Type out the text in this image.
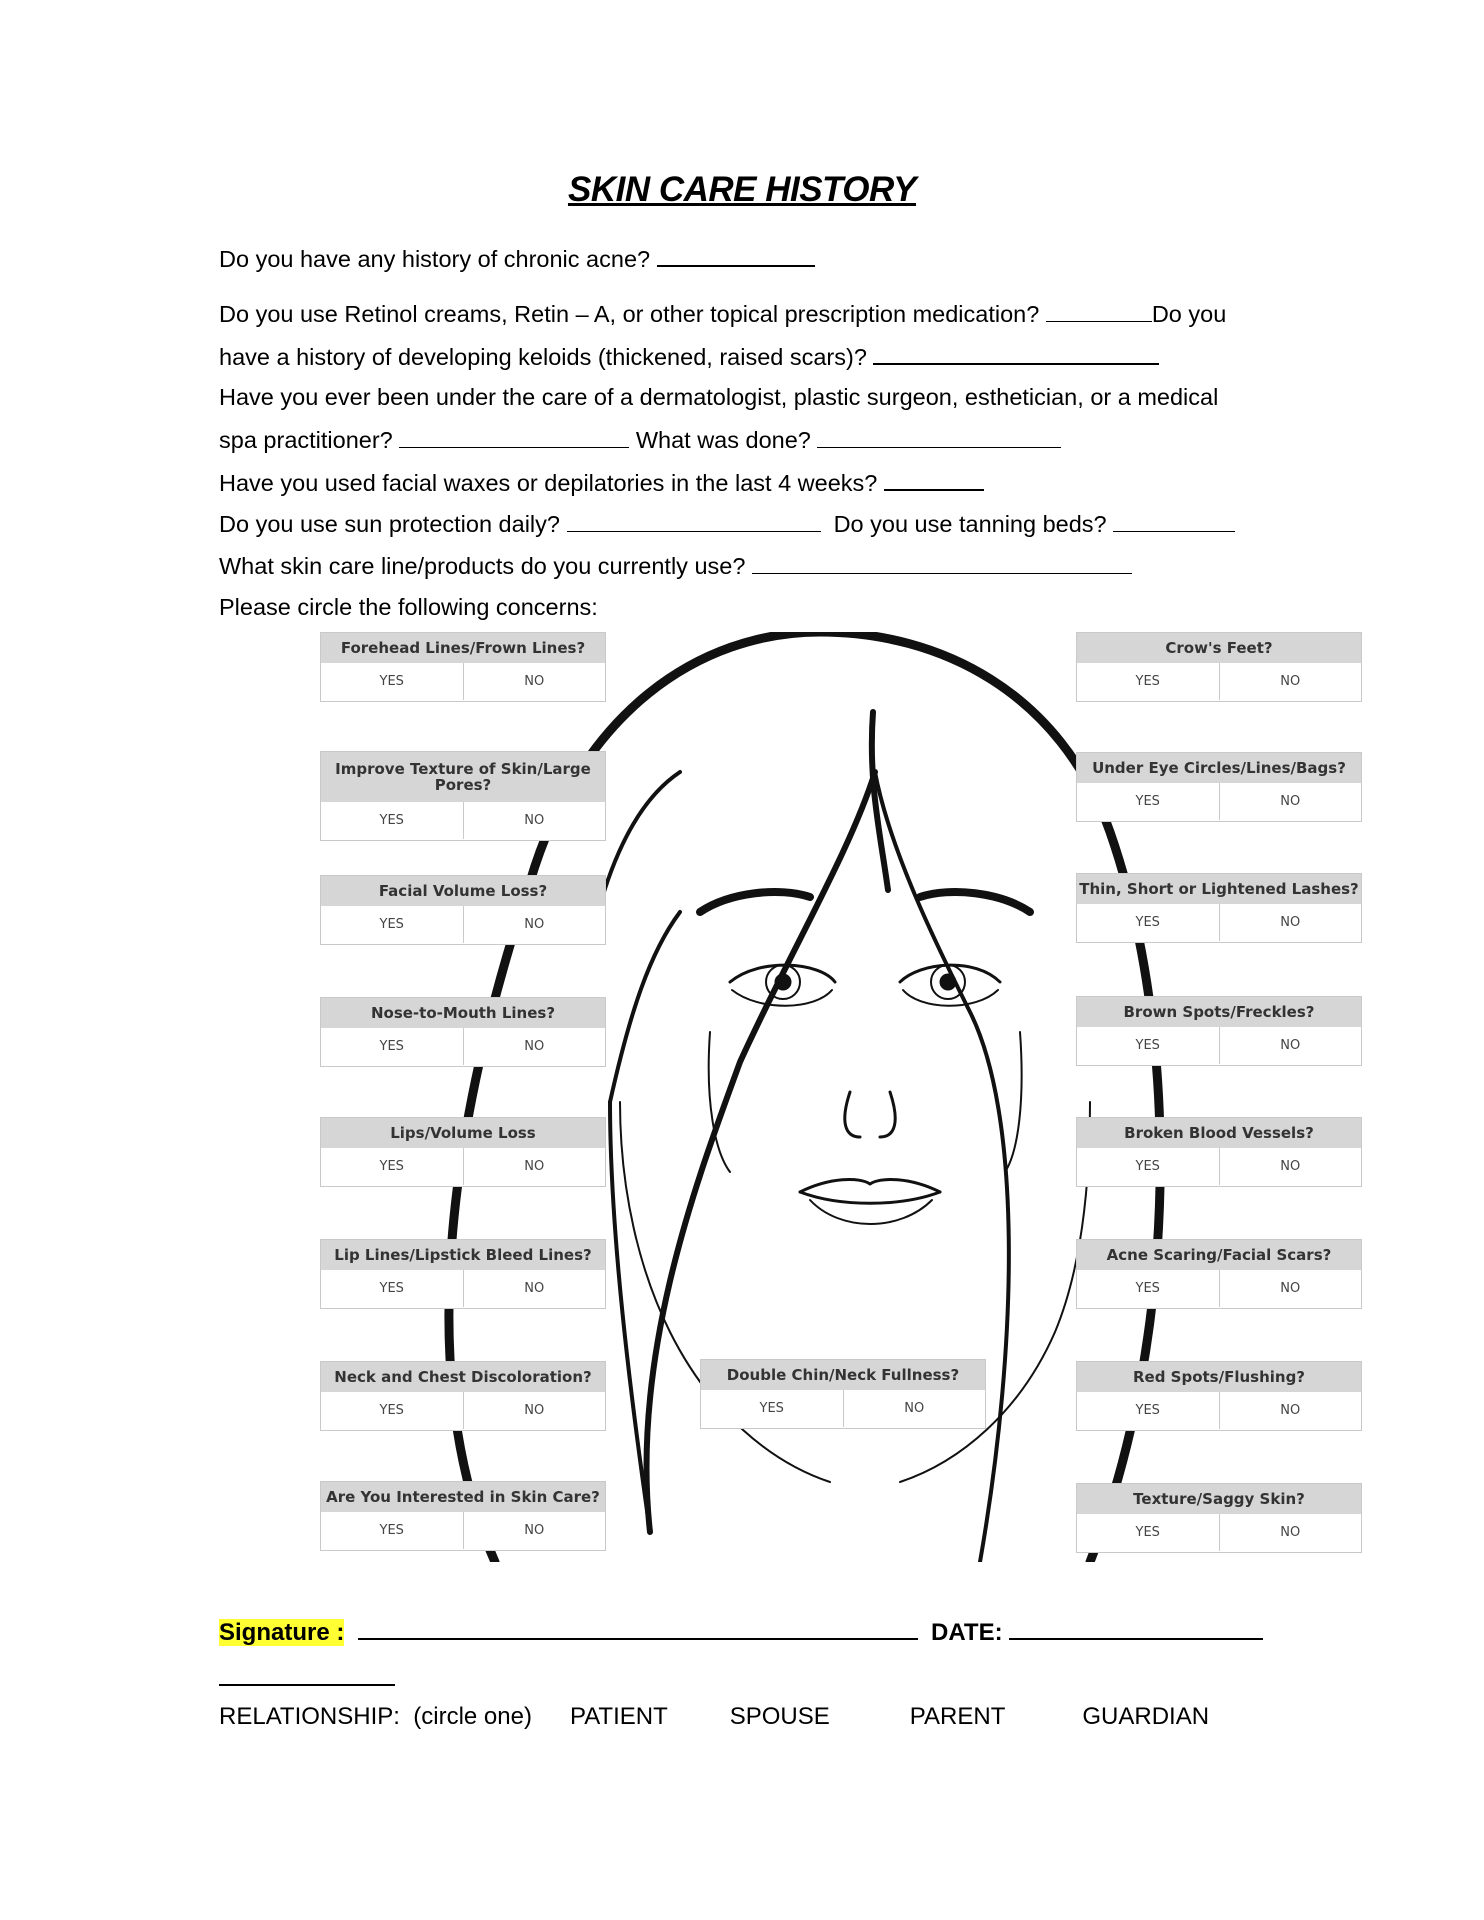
SKIN CARE HISTORY
Do you have any history of chronic acne?
Do you use Retinol creams, Retin – A, or other topical prescription medication?	Do you
have a history of developing keloids (thickened, raised scars)?
Have you ever been under the care of a dermatologist, plastic surgeon, esthetician, or a medical
spa practitioner?	What was done?
Have you used facial waxes or depilatories in the last 4 weeks?
Do you use sun protection daily?	Do you use tanning beds?
What skin care line/products do you currently use?
Please circle the following concerns:
Forehead Lines/Frown Lines?
YES	NO
Improve Texture of Skin/Large Pores?
YES	NO
Facial Volume Loss?
YES	NO
Nose-to-Mouth Lines?
YES	NO
Lips/Volume Loss
YES	NO
Lip Lines/Lipstick Bleed Lines?
YES	NO
Neck and Chest Discoloration?
YES	NO
Are You Interested in Skin Care?
YES	NO
Double Chin/Neck Fullness?
YES	NO
Crow's Feet?
YES	NO
Under Eye Circles/Lines/Bags?
YES	NO
Thin, Short or Lightened Lashes?
YES	NO
Brown Spots/Freckles?
YES	NO
Broken Blood Vessels?
YES	NO
Acne Scaring/Facial Scars?
YES	NO
Red Spots/Flushing?
YES	NO
Texture/Saggy Skin?
YES	NO
Signature :	DATE:
RELATIONSHIP:  (circle one) PATIENT	SPOUSE	PARENT	GUARDIAN
